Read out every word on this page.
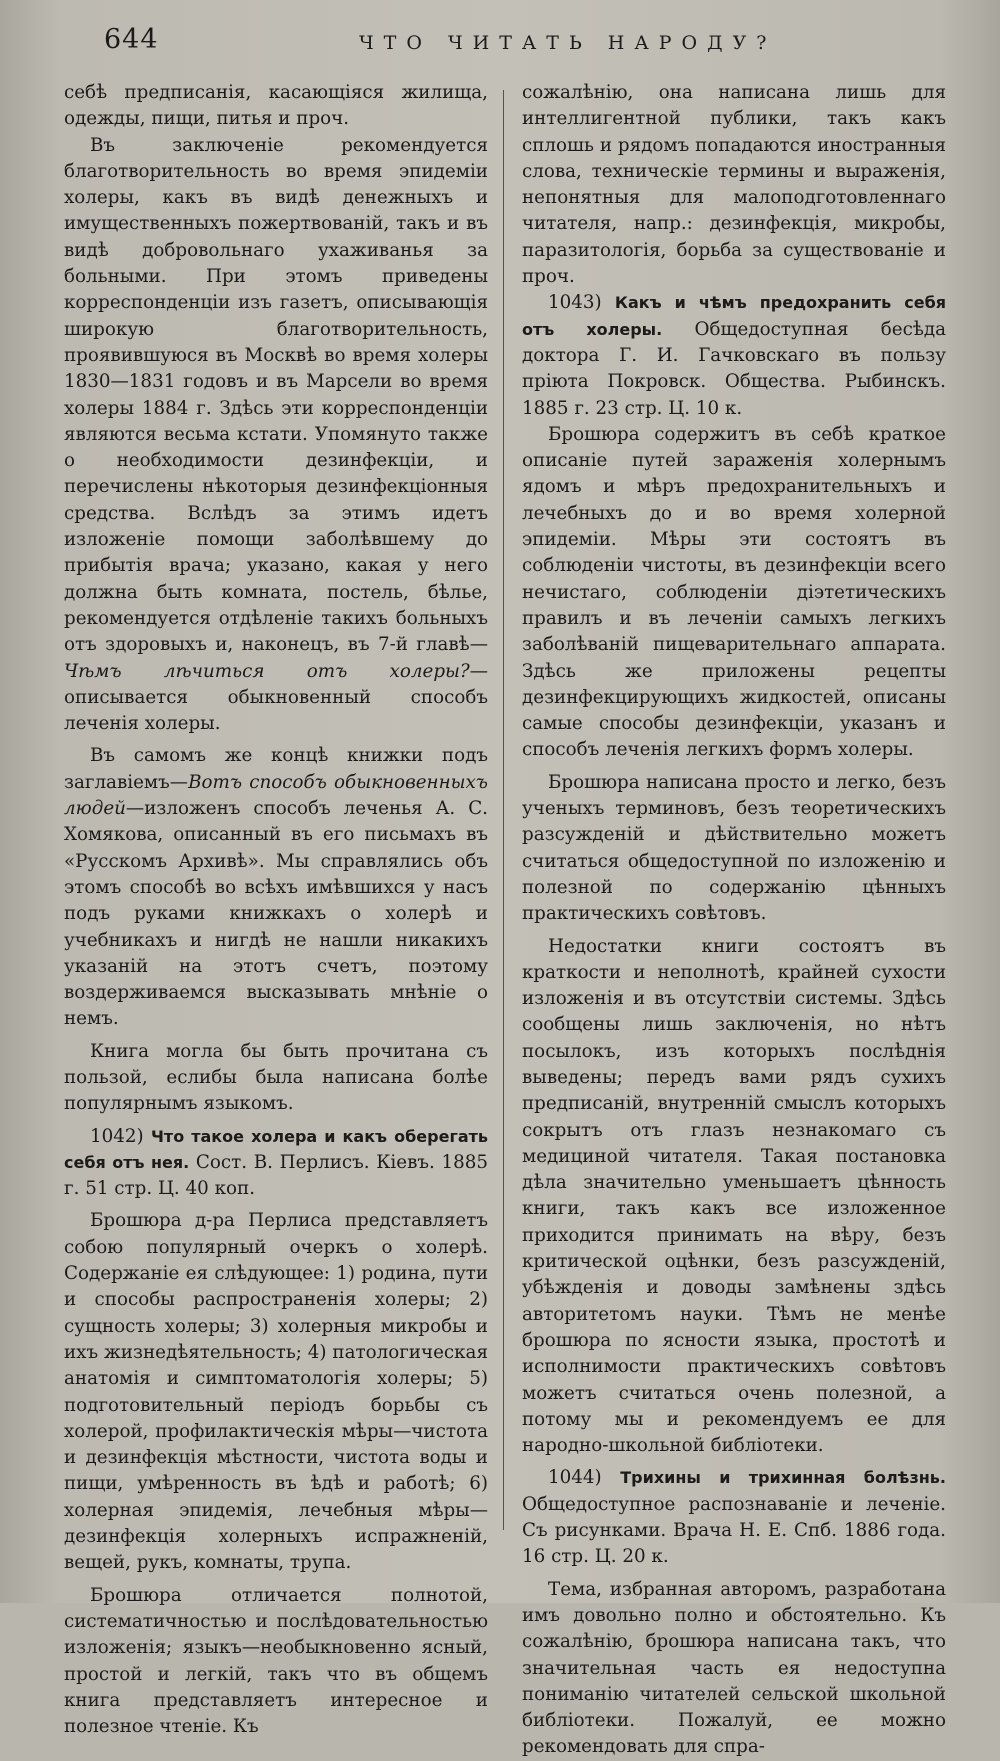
644	ЧТО ЧИТАТЬ НАРОДУ?

себѣ предписанія, касающіяся жилища, одежды, пищи, питья и проч.

Въ заключеніе рекомендуется благотворительность во время эпидеміи холеры, какъ въ видѣ денежныхъ и имущественныхъ пожертвованій, такъ и въ видѣ добровольнаго ухаживанья за больными. При этомъ приведены корреспонденціи изъ газетъ, описывающія широкую благотворительность, проявившуюся въ Москвѣ во время холеры 1830—1831 годовъ и въ Марсели во время холеры 1884 г. Здѣсь эти корреспонденціи являются весьма кстати. Упомянуто также о необходимости дезинфекціи, и перечислены нѣкоторыя дезинфекціонныя средства. Вслѣдъ за этимъ идетъ изложеніе помощи заболѣвшему до прибытія врача; указано, какая у него должна быть комната, постель, бѣлье, рекомендуется отдѣленіе такихъ больныхъ отъ здоровыхъ и, наконецъ, въ 7-й главѣ—Чѣмъ лѣчиться отъ холеры?—описывается обыкновенный способъ леченія холеры.

Въ самомъ же концѣ книжки подъ заглавіемъ—Вотъ способъ обыкновенныхъ людей—изложенъ способъ леченья А. С. Хомякова, описанный въ его письмахъ въ «Русскомъ Архивѣ». Мы справлялись объ этомъ способѣ во всѣхъ имѣвшихся у насъ подъ руками книжкахъ о холерѣ и учебникахъ и нигдѣ не нашли никакихъ указаній на этотъ счетъ, поэтому воздерживаемся высказывать мнѣніе о немъ.

Книга могла бы быть прочитана съ пользой, еслибы была написана болѣе популярнымъ языкомъ.

1042) Что такое холера и какъ оберегать себя отъ нея. Сост. В. Перлисъ. Кіевъ. 1885 г. 51 стр. Ц. 40 коп.

Брошюра д-ра Перлиса представляетъ собою популярный очеркъ о холерѣ. Содержаніе ея слѣдующее: 1) родина, пути и способы распространенія холеры; 2) сущность холеры; 3) холерныя микробы и ихъ жизнедѣятельность; 4) патологическая анатомія и симптоматологія холеры; 5) подготовительный періодъ борьбы съ холерой, профилактическія мѣры—чистота и дезинфекція мѣстности, чистота воды и пищи, умѣренность въ ѣдѣ и работѣ; 6) холерная эпидемія, лечебныя мѣры—дезинфекція холерныхъ испражненій, вещей, рукъ, комнаты, трупа.

Брошюра отличается полнотой, систематичностью и послѣдовательностью изложенія; языкъ—необыкновенно ясный, простой и легкій, такъ что въ общемъ книга представляетъ интересное и полезное чтеніе. Къ

сожалѣнію, она написана лишь для интеллигентной публики, такъ какъ сплошь и рядомъ попадаются иностранныя слова, техническіе термины и выраженія, непонятныя для малоподготовленнаго читателя, напр.: дезинфекція, микробы, паразитологія, борьба за существованіе и проч.

1043) Какъ и чѣмъ предохранить себя отъ холеры. Общедоступная бесѣда доктора Г. И. Гачковскаго въ пользу пріюта Покровск. Общества. Рыбинскъ. 1885 г. 23 стр. Ц. 10 к.

Брошюра содержитъ въ себѣ краткое описаніе путей зараженія холернымъ ядомъ и мѣръ предохранительныхъ и лечебныхъ до и во время холерной эпидеміи. Мѣры эти состоятъ въ соблюденіи чистоты, въ дезинфекціи всего нечистаго, соблюденіи діэтетическихъ правилъ и въ леченіи самыхъ легкихъ заболѣваній пищеварительнаго аппарата. Здѣсь же приложены рецепты дезинфекцирующихъ жидкостей, описаны самые способы дезинфекціи, указанъ и способъ леченія легкихъ формъ холеры.

Брошюра написана просто и легко, безъ ученыхъ терминовъ, безъ теоретическихъ разсужденій и дѣйствительно можетъ считаться общедоступной по изложенію и полезной по содержанію цѣнныхъ практическихъ совѣтовъ.

Недостатки книги состоятъ въ краткости и неполнотѣ, крайней сухости изложенія и въ отсутствіи системы. Здѣсь сообщены лишь заключенія, но нѣтъ посылокъ, изъ которыхъ послѣднія выведены; передъ вами рядъ сухихъ предписаній, внутренній смыслъ которыхъ сокрытъ отъ глазъ незнакомаго съ медициной читателя. Такая постановка дѣла значительно уменьшаетъ цѣнность книги, такъ какъ все изложенное приходится принимать на вѣру, безъ критической оцѣнки, безъ разсужденій, убѣжденія и доводы замѣнены здѣсь авторитетомъ науки. Тѣмъ не менѣе брошюра по ясности языка, простотѣ и исполнимости практическихъ совѣтовъ можетъ считаться очень полезной, а потому мы и рекомендуемъ ее для народно-школьной библіотеки.

1044) Трихины и трихинная болѣзнь. Общедоступное распознаваніе и леченіе. Съ рисунками. Врача Н. Е. Спб. 1886 года. 16 стр. Ц. 20 к.

Тема, избранная авторомъ, разработана имъ довольно полно и обстоятельно. Къ сожалѣнію, брошюра написана такъ, что значительная часть ея недоступна пониманію читателей сельской школьной библіотеки. Пожалуй, ее можно рекомендовать для спра-
